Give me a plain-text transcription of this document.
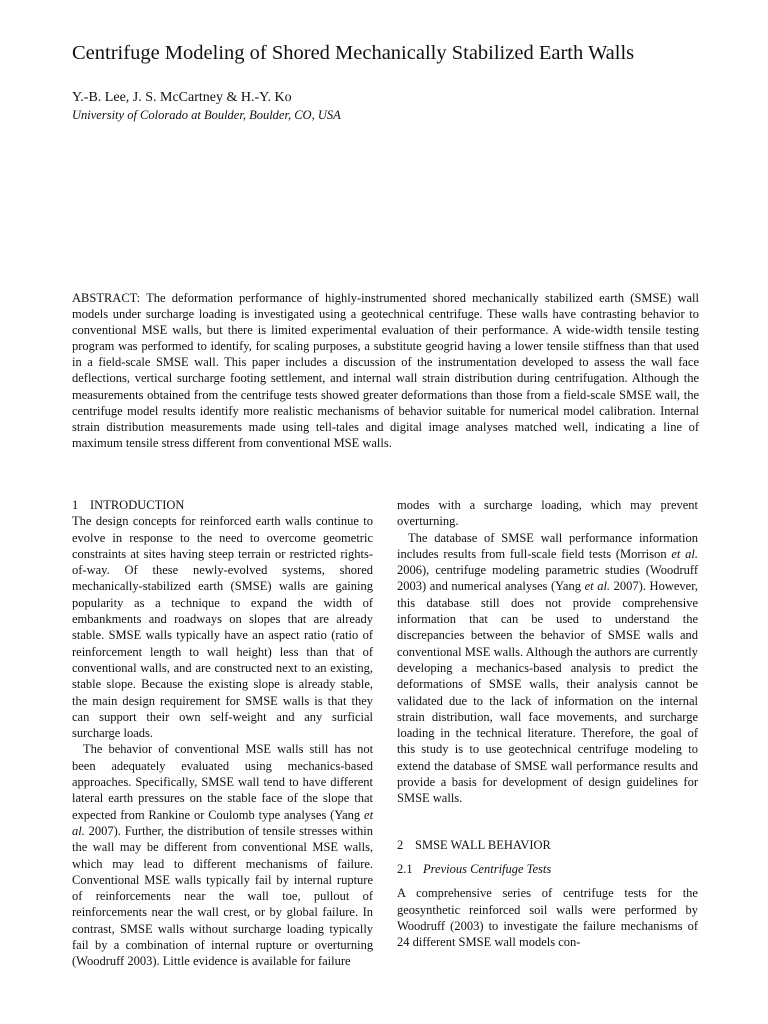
Centrifuge Modeling of Shored Mechanically Stabilized Earth Walls
Y.-B. Lee, J. S. McCartney & H.-Y. Ko
University of Colorado at Boulder, Boulder, CO, USA
ABSTRACT: The deformation performance of highly-instrumented shored mechanically stabilized earth (SMSE) wall models under surcharge loading is investigated using a geotechnical centrifuge. These walls have contrasting behavior to conventional MSE walls, but there is limited experimental evaluation of their performance. A wide-width tensile testing program was performed to identify, for scaling purposes, a substitute geogrid having a lower tensile stiffness than that used in a field-scale SMSE wall. This paper includes a discussion of the instrumentation developed to assess the wall face deflections, vertical surcharge footing settlement, and internal wall strain distribution during centrifugation. Although the measurements obtained from the centrifuge tests showed greater deformations than those from a field-scale SMSE wall, the centrifuge model results identify more realistic mechanisms of behavior suitable for numerical model calibration. Internal strain distribution measurements made using tell-tales and digital image analyses matched well, indicating a line of maximum tensile stress different from conventional MSE walls.
1 INTRODUCTION

The design concepts for reinforced earth walls continue to evolve in response to the need to overcome geometric constraints at sites having steep terrain or restricted rights-of-way. Of these newly-evolved systems, shored mechanically-stabilized earth (SMSE) walls are gaining popularity as a technique to expand the width of embankments and roadways on slopes that are already stable. SMSE walls typically have an aspect ratio (ratio of reinforcement length to wall height) less than that of conventional walls, and are constructed next to an existing, stable slope. Because the existing slope is already stable, the main design requirement for SMSE walls is that they can support their own self-weight and any surficial surcharge loads.

The behavior of conventional MSE walls still has not been adequately evaluated using mechanics-based approaches. Specifically, SMSE wall tend to have different lateral earth pressures on the stable face of the slope that expected from Rankine or Coulomb type analyses (Yang et al. 2007). Further, the distribution of tensile stresses within the wall may be different from conventional MSE walls, which may lead to different mechanisms of failure. Conventional MSE walls typically fail by internal rupture of reinforcements near the wall toe, pullout of reinforcements near the wall crest, or by global failure. In contrast, SMSE walls without surcharge loading typically fail by a combination of internal rupture or overturning (Woodruff 2003). Little evidence is available for failure

modes with a surcharge loading, which may prevent overturning.

The database of SMSE wall performance information includes results from full-scale field tests (Morrison et al. 2006), centrifuge modeling parametric studies (Woodruff 2003) and numerical analyses (Yang et al. 2007). However, this database still does not provide comprehensive information that can be used to understand the discrepancies between the behavior of SMSE walls and conventional MSE walls. Although the authors are currently developing a mechanics-based analysis to predict the deformations of SMSE walls, their analysis cannot be validated due to the lack of information on the internal strain distribution, wall face movements, and surcharge loading in the technical literature. Therefore, the goal of this study is to use geotechnical centrifuge modeling to extend the database of SMSE wall performance results and provide a basis for development of design guidelines for SMSE walls.

2 SMSE WALL BEHAVIOR
2.1 Previous Centrifuge Tests

A comprehensive series of centrifuge tests for the geosynthetic reinforced soil walls were performed by Woodruff (2003) to investigate the failure mechanisms of 24 different SMSE wall models con-
